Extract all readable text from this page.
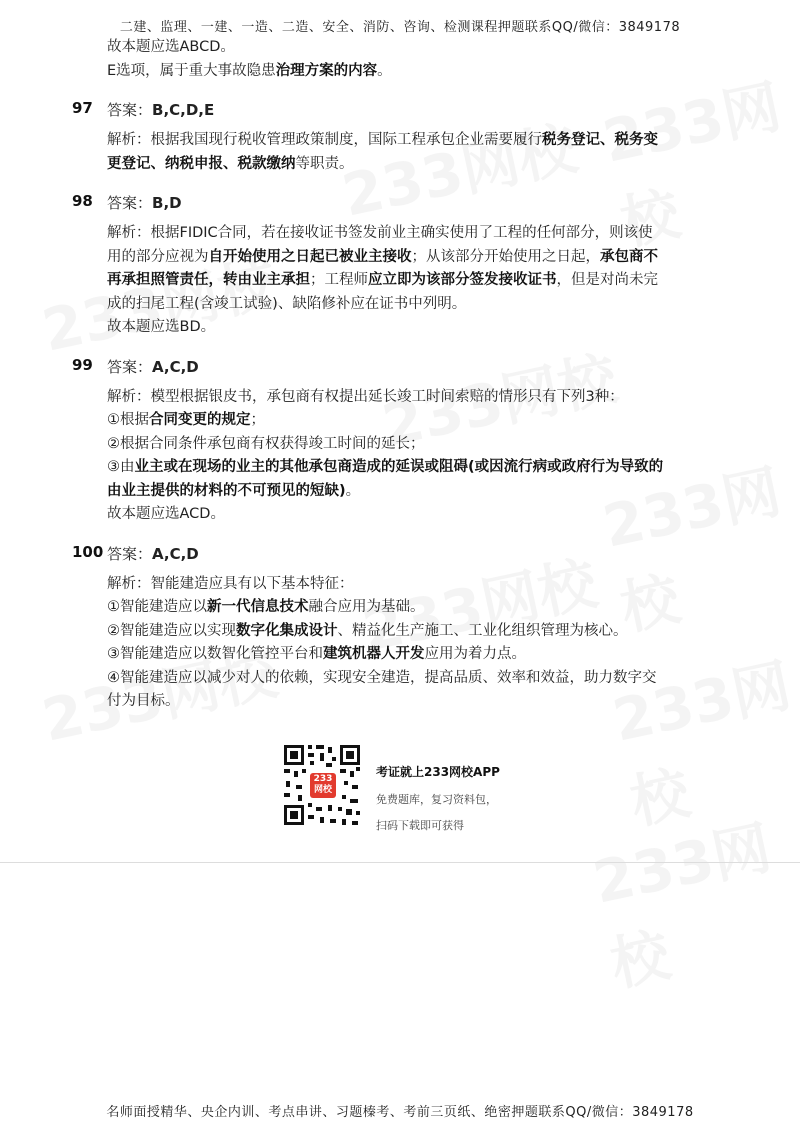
二建、监理、一建、一造、二造、安全、消防、咨询、检测课程押题联系QQ/微信：3849178
故本题应选ABCD。
E选项，属于重大事故隐患治理方案的内容。
97 答案：B,C,D,E
解析：根据我国现行税收管理政策制度，国际工程承包企业需要履行税务登记、税务变
更登记、纳税申报、税款缴纳等职责。
98 答案：B,D
解析：根据FIDIC合同，若在接收证书签发前业主确实使用了工程的任何部分，则该使
用的部分应视为自开始使用之日起已被业主接收；从该部分开始使用之日起，承包商不
再承担照管责任，转由业主承担；工程师应立即为该部分签发接收证书，但是对尚未完
成的扫尾工程(含竣工试验)、缺陷修补应在证书中列明。
故本题应选BD。
99 答案：A,C,D
解析：模型根据银皮书，承包商有权提出延长竣工时间索赔的情形只有下列3种：
①根据合同变更的规定；
②根据合同条件承包商有权获得竣工时间的延长；
③由业主或在现场的业主的其他承包商造成的延误或阻碍(或因流行病或政府行为导致的
由业主提供的材料的不可预见的短缺)。
故本题应选ACD。
100 答案：A,C,D
解析：智能建造应具有以下基本特征：
①智能建造应以新一代信息技术融合应用为基础。
②智能建造应以实现数字化集成设计、精益化生产施工、工业化组织管理为核心。
③智能建造应以数智化管控平台和建筑机器人开发应用为着力点。
④智能建造应以减少对人的依赖，实现安全建造，提高品质、效率和效益，助力数字交
付为目标。
233网校
考证就上233网校APP
免费题库，复习资料包，
扫码下载即可获得
名师面授精华、央企内训、考点串讲、习题榛考、考前三页纸、绝密押题联系QQ/微信：3849178
